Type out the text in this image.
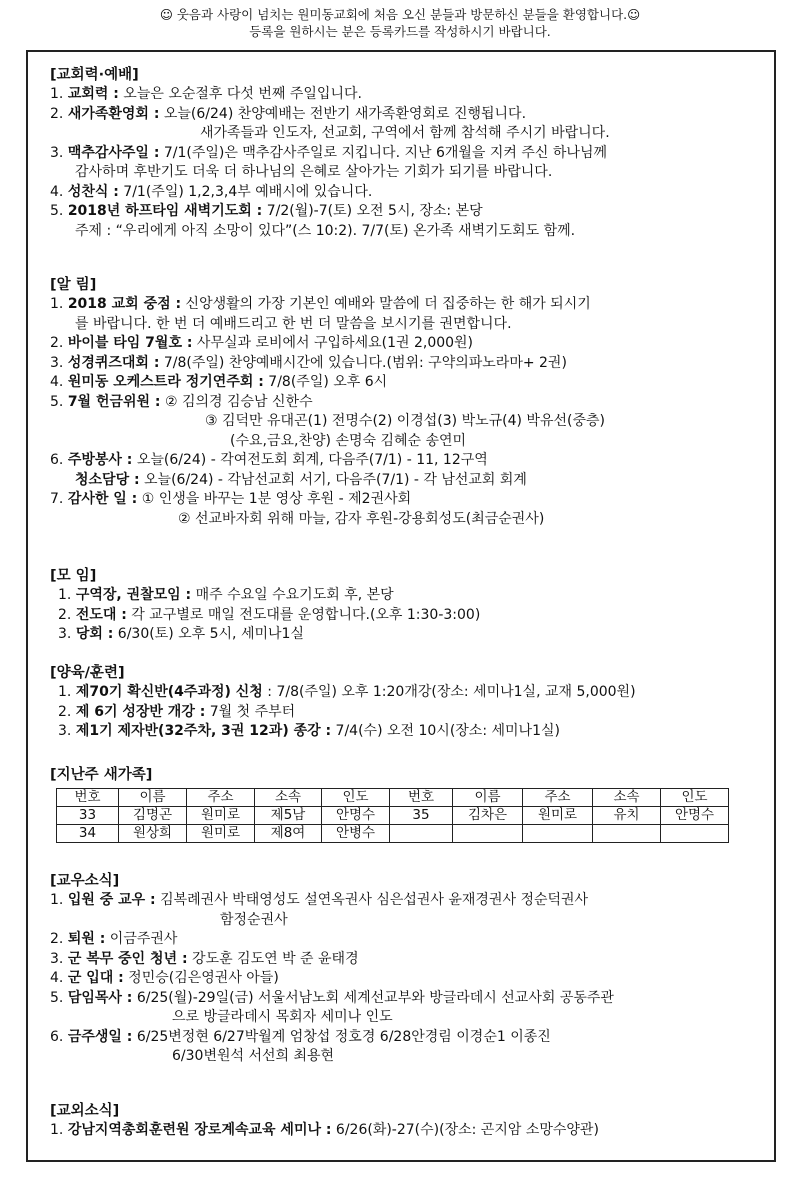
☺ 웃음과 사랑이 넘치는 원미동교회에 처음 오신 분들과 방문하신 분들을 환영합니다.☺
등록을 원하시는 분은 등록카드를 작성하시기 바랍니다.
[교회력·예배]
1. 교회력 : 오늘은 오순절후 다섯 번째 주일입니다.
2. 새가족환영회 : 오늘(6/24) 찬양예배는 전반기 새가족환영회로 진행됩니다.
새가족들과 인도자, 선교회, 구역에서 함께 참석해 주시기 바랍니다.
3. 맥추감사주일 : 7/1(주일)은 맥추감사주일로 지킵니다. 지난 6개월을 지켜 주신 하나님께
감사하며 후반기도 더욱 더 하나님의 은혜로 살아가는 기회가 되기를 바랍니다.
4. 성찬식 : 7/1(주일) 1,2,3,4부 예배시에 있습니다.
5. 2018년 하프타임 새벽기도회 : 7/2(월)-7(토) 오전 5시, 장소: 본당
주제 : “우리에게 아직 소망이 있다”(스 10:2). 7/7(토) 온가족 새벽기도회도 함께.
[알 림]
1. 2018 교회 중점 : 신앙생활의 가장 기본인 예배와 말씀에 더 집중하는 한 해가 되시기
를 바랍니다. 한 번 더 예배드리고 한 번 더 말씀을 보시기를 권면합니다.
2. 바이블 타임 7월호 : 사무실과 로비에서 구입하세요(1권 2,000원)
3. 성경퀴즈대회 : 7/8(주일) 찬양예배시간에 있습니다.(범위: 구약의파노라마+ 2권)
4. 원미동 오케스트라 정기연주회 : 7/8(주일) 오후 6시
5. 7월 헌금위원 : ② 김의경 김승남 신한수
③ 김덕만 유대곤(1) 전명수(2) 이경섭(3) 박노규(4) 박유선(중층)
(수요,금요,찬양) 손명숙 김혜순 송연미
6. 주방봉사 : 오늘(6/24) - 각여전도회 회계, 다음주(7/1) - 11, 12구역
청소담당 : 오늘(6/24) - 각남선교회 서기, 다음주(7/1) - 각 남선교회 회계
7. 감사한 일 : ① 인생을 바꾸는 1분 영상 후원 - 제2권사회
② 선교바자회 위해 마늘, 감자 후원-강용회성도(최금순권사)
[모 임]
1. 구역장, 권찰모임 : 매주 수요일 수요기도회 후, 본당
2. 전도대 : 각 교구별로 매일 전도대를 운영합니다.(오후 1:30-3:00)
3. 당회 : 6/30(토) 오후 5시, 세미나1실
[양육/훈련]
1. 제70기 확신반(4주과정) 신청 : 7/8(주일) 오후 1:20개강(장소: 세미나1실, 교재 5,000원)
2. 제 6기 성장반 개강 : 7월 첫 주부터
3. 제1기 제자반(32주차, 3권 12과) 종강 : 7/4(수) 오전 10시(장소: 세미나1실)
[지난주 새가족]
번호	이름	주소	소속	인도	번호	이름	주소	소속	인도
33	김명곤	원미로	제5남	안명수	35	김차은	원미로	유치	안명수
34	원상희	원미로	제8여	안병수					
[교우소식]
1. 입원 중 교우 : 김복례권사 박태영성도 설연옥권사 심은섭권사 윤재경권사 정순덕권사
함정순권사
2. 퇴원 : 이금주권사
3. 군 복무 중인 청년 : 강도훈 김도연 박 준 윤태경
4. 군 입대 : 정민승(김은영권사 아들)
5. 담임목사 : 6/25(월)-29일(금) 서울서남노회 세계선교부와 방글라데시 선교사회 공동주관
으로 방글라데시 목회자 세미나 인도
6. 금주생일 : 6/25변정현 6/27박월계 엄창섭 정호경 6/28안경림 이경순1 이종진
6/30변원석 서선희 최용현
[교외소식]
1. 강남지역총회훈련원 장로계속교육 세미나 : 6/26(화)-27(수)(장소: 곤지암 소망수양관)
